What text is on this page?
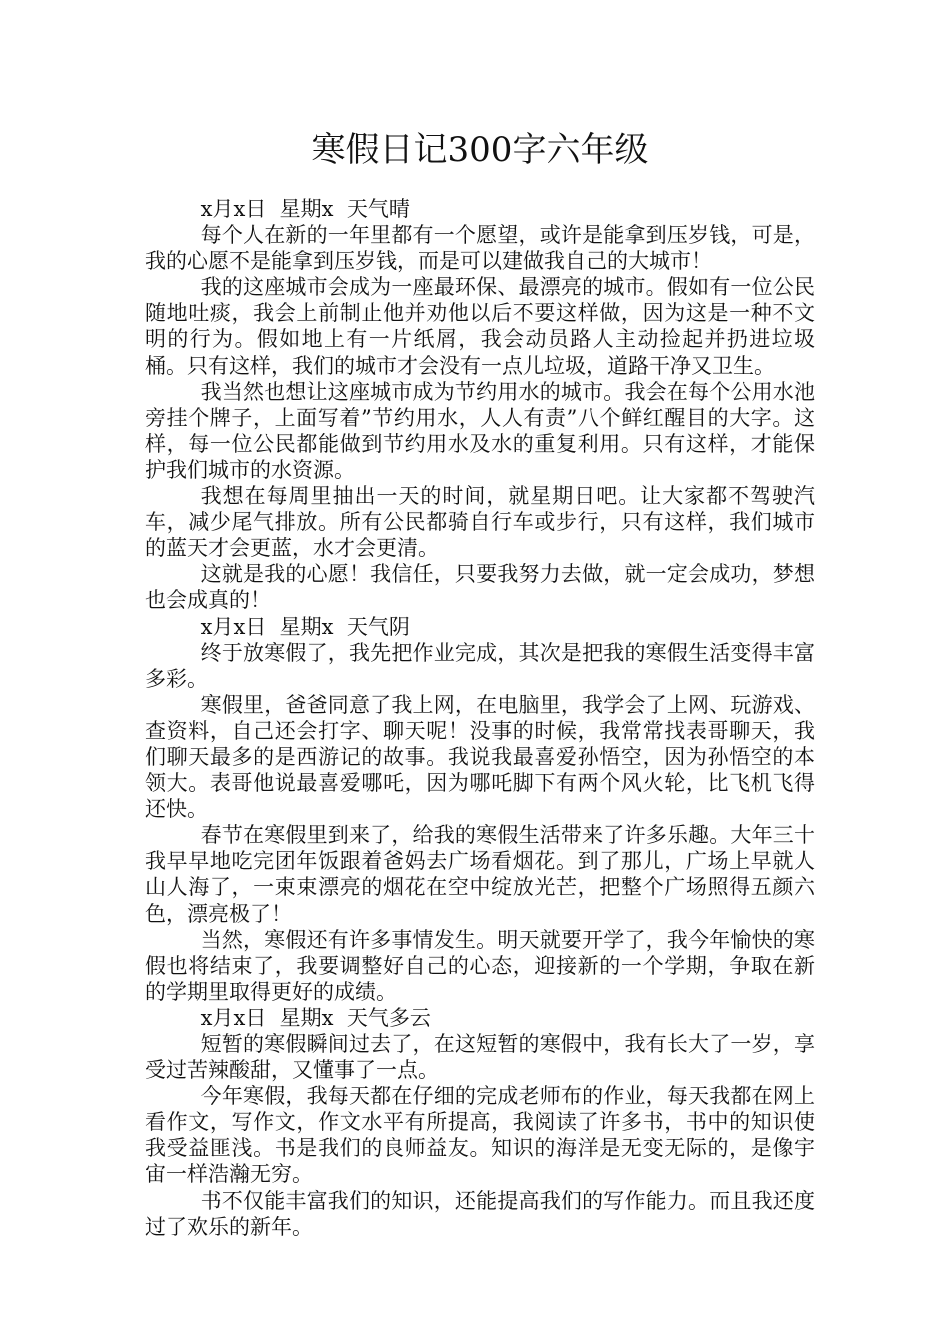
寒假日记300字六年级

x月x日  星期x  天气晴

每个人在新的一年里都有一个愿望，或许是能拿到压岁钱，可是，我的心愿不是能拿到压岁钱，而是可以建做我自己的大城市！

我的这座城市会成为一座最环保、最漂亮的城市。假如有一位公民随地吐痰，我会上前制止他并劝他以后不要这样做，因为这是一种不文明的行为。假如地上有一片纸屑，我会动员路人主动捡起并扔进垃圾桶。只有这样，我们的城市才会没有一点儿垃圾，道路干净又卫生。

我当然也想让这座城市成为节约用水的城市。我会在每个公用水池旁挂个牌子，上面写着”节约用水，人人有责”八个鲜红醒目的大字。这样，每一位公民都能做到节约用水及水的重复利用。只有这样，才能保护我们城市的水资源。

我想在每周里抽出一天的时间，就星期日吧。让大家都不驾驶汽车，减少尾气排放。所有公民都骑自行车或步行，只有这样，我们城市的蓝天才会更蓝，水才会更清。

这就是我的心愿！我信任，只要我努力去做，就一定会成功，梦想也会成真的！

x月x日  星期x  天气阴

终于放寒假了，我先把作业完成，其次是把我的寒假生活变得丰富多彩。

寒假里，爸爸同意了我上网，在电脑里，我学会了上网、玩游戏、查资料，自己还会打字、聊天呢！没事的时候，我常常找表哥聊天，我们聊天最多的是西游记的故事。我说我最喜爱孙悟空，因为孙悟空的本领大。表哥他说最喜爱哪吒，因为哪吒脚下有两个风火轮，比飞机飞得还快。

春节在寒假里到来了，给我的寒假生活带来了许多乐趣。大年三十我早早地吃完团年饭跟着爸妈去广场看烟花。到了那儿，广场上早就人山人海了，一束束漂亮的烟花在空中绽放光芒，把整个广场照得五颜六色，漂亮极了！

当然，寒假还有许多事情发生。明天就要开学了，我今年愉快的寒假也将结束了，我要调整好自己的心态，迎接新的一个学期，争取在新的学期里取得更好的成绩。

x月x日  星期x  天气多云

短暂的寒假瞬间过去了，在这短暂的寒假中，我有长大了一岁，享受过苦辣酸甜，又懂事了一点。

今年寒假，我每天都在仔细的完成老师布的作业，每天我都在网上看作文，写作文，作文水平有所提高，我阅读了许多书，书中的知识使我受益匪浅。书是我们的良师益友。知识的海洋是无变无际的，是像宇宙一样浩瀚无穷。

书不仅能丰富我们的知识，还能提高我们的写作能力。而且我还度过了欢乐的新年。
